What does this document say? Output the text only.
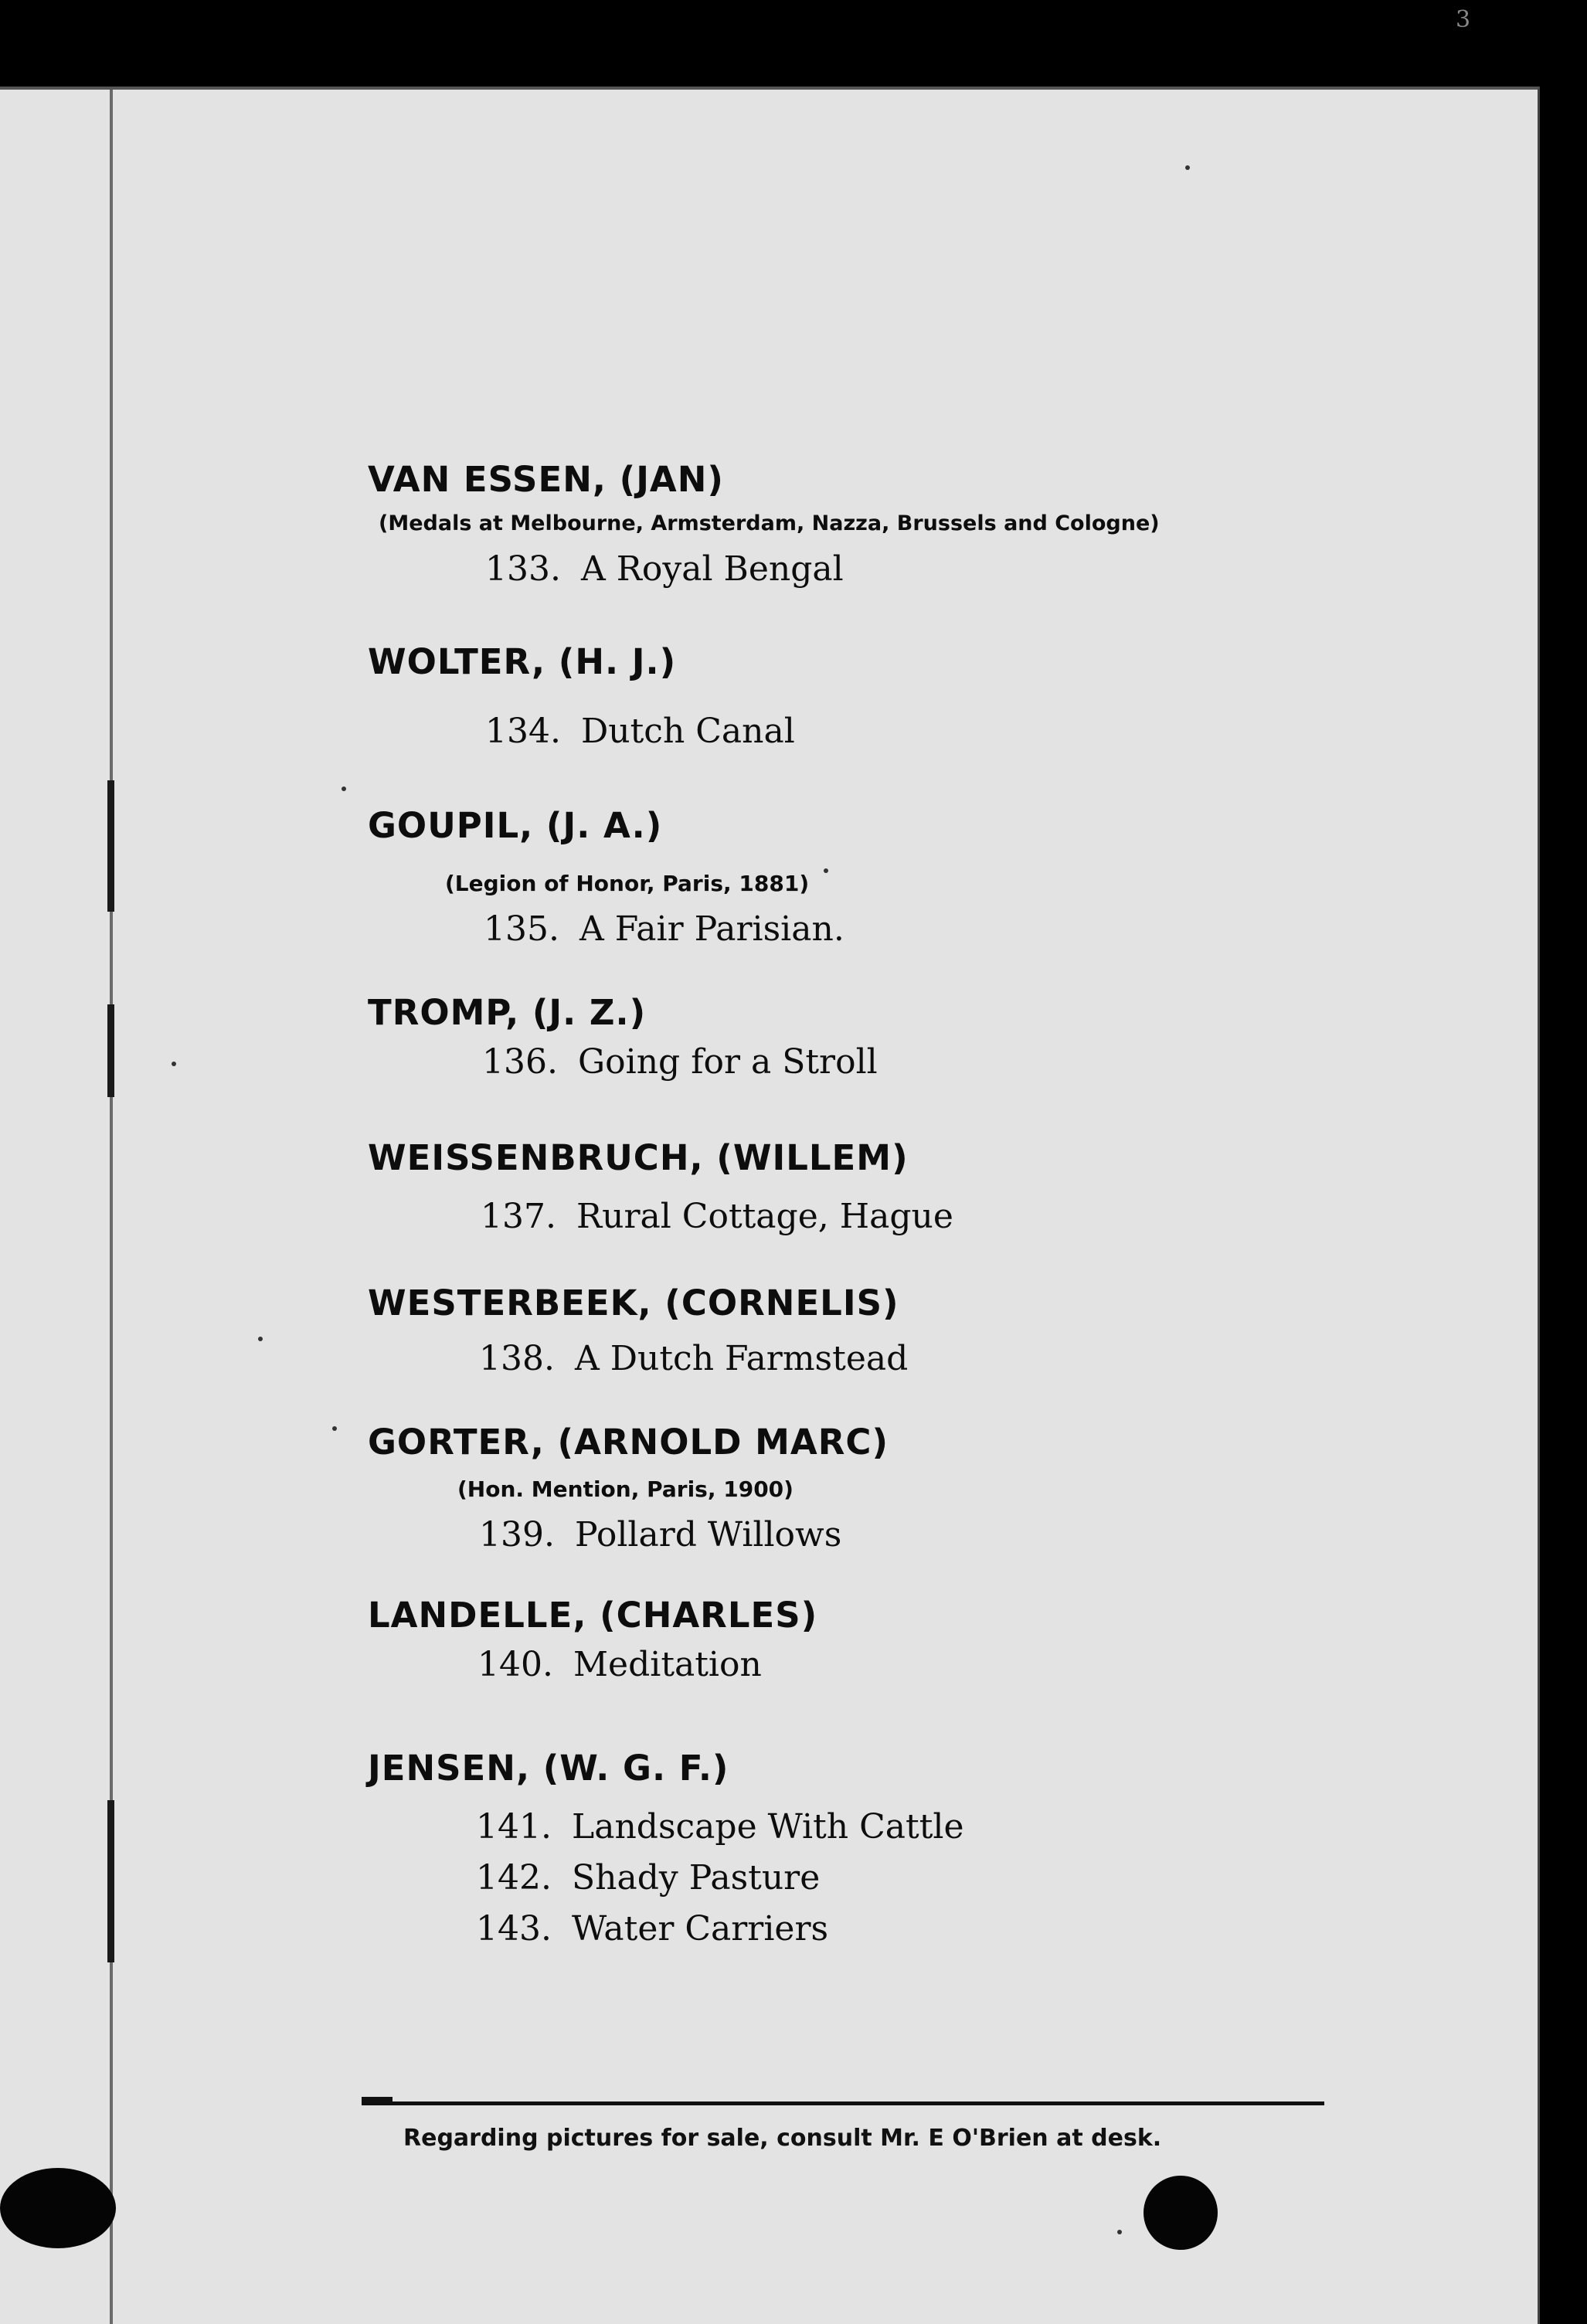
3
VAN ESSEN, (JAN)
(Medals at Melbourne, Armsterdam, Nazza, Brussels and Cologne)
133. A Royal Bengal
WOLTER, (H. J.)
134. Dutch Canal
GOUPIL, (J. A.)
(Legion of Honor, Paris, 1881)
135. A Fair Parisian.
TROMP, (J. Z.)
136. Going for a Stroll
WEISSENBRUCH, (WILLEM)
137. Rural Cottage, Hague
WESTERBEEK, (CORNELIS)
138. A Dutch Farmstead
GORTER, (ARNOLD MARC)
(Hon. Mention, Paris, 1900)
139. Pollard Willows
LANDELLE, (CHARLES)
140. Meditation
JENSEN, (W. G. F.)
141. Landscape With Cattle
142. Shady Pasture
143. Water Carriers
Regarding pictures for sale, consult Mr. E O'Brien at desk.
